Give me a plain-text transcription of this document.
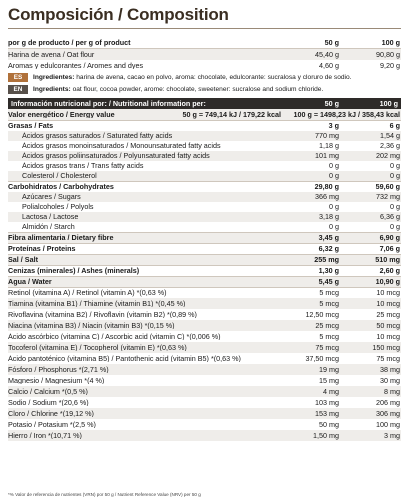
Composición / Composition
por g de producto / per g of product	50 g	100 g
Harina de avena / Oat flour	45,40 g	90,80 g
Aromas y edulcorantes / Aromes and dyes	4,60 g	9,20 g
ES	Ingredientes: harina de avena, cacao en polvo, aroma: chocolate, edulcorante: sucralosa y cloruro de sodio.
EN	Ingredients: oat flour, cocoa powder, arome: chocolate, sweetener: sucralose and sodium chloride.
Información nutricional por: / Nutritional information per:	50 g	100 g
Valor energético / Energy value	50 g = 749,14 kJ / 179,22 kcal	100 g = 1498,23 kJ / 358,43 kcal
Grasas / Fats	3 g	6 g
Ácidos grasos saturados / Saturated fatty acids	770 mg	1,54 g
Ácidos grasos monoinsaturados / Monounsaturated fatty acids	1,18 g	2,36 g
Ácidos grasos poliinsaturados / Polyunsaturated fatty acids	101 mg	202 mg
Ácidos grasos trans / Trans fatty acids	0 g	0 g
Colesterol / Cholesterol	0 g	0 g
Carbohidratos / Carbohydrates	29,80 g	59,60 g
Azúcares / Sugars	366 mg	732 mg
Polialcoholes / Polyols	0 g	0 g
Lactosa / Lactose	3,18 g	6,36 g
Almidón / Starch	0 g	0 g
Fibra alimentaria / Dietary fibre	3,45 g	6,90 g
Proteínas / Proteins	6,32 g	7,06 g
Sal / Salt	255 mg	510 mg
Cenizas (minerales) / Ashes (minerals)	1,30 g	2,60 g
Agua / Water	5,45 g	10,90 g
Retinol (vitamina A) / Retinol (vitamin A) *(0,63 %)	5 mcg	10 mcg
Tiamina (vitamina B1) / Thiamine (vitamin B1) *(0,45 %)	5 mcg	10 mcg
Rivoflavina (vitamina B2) / Rivoflavin (vitamin B2) *(0,89 %)	12,50 mcg	25 mcg
Niacina (vitamina B3) / Niacin (vitamin B3) *(0,15 %)	25 mcg	50 mcg
Ácido ascórbico (vitamina C) / Ascorbic acid (vitamin C) *(0,006 %)	5 mcg	10 mcg
Tocoferol (vitamina E) / Tocopherol (vitamin E) *(0,63 %)	75 mcg	150 mcg
Ácido pantoténico (vitamina B5) / Pantothenic acid (vitamin B5) *(0,63 %)	37,50 mcg	75 mcg
Fósforo / Phosphorus *(2,71 %)	19 mg	38 mg
Magnesio / Magnesium *(4 %)	15 mg	30 mg
Calcio / Calcium *(0,5 %)	4 mg	8 mg
Sodio / Sodium *(20,6 %)	103 mg	206 mg
Cloro / Chlorine *(19,12 %)	153 mg	306 mg
Potasio / Potasium *(2,5 %)	50 mg	100 mg
Hierro / Iron *(10,71 %)	1,50 mg	3 mg
*% Valor de referencia de nutrientes (VRN) por 50 g / Nutrient Reference Value (NRV) per 50 g
